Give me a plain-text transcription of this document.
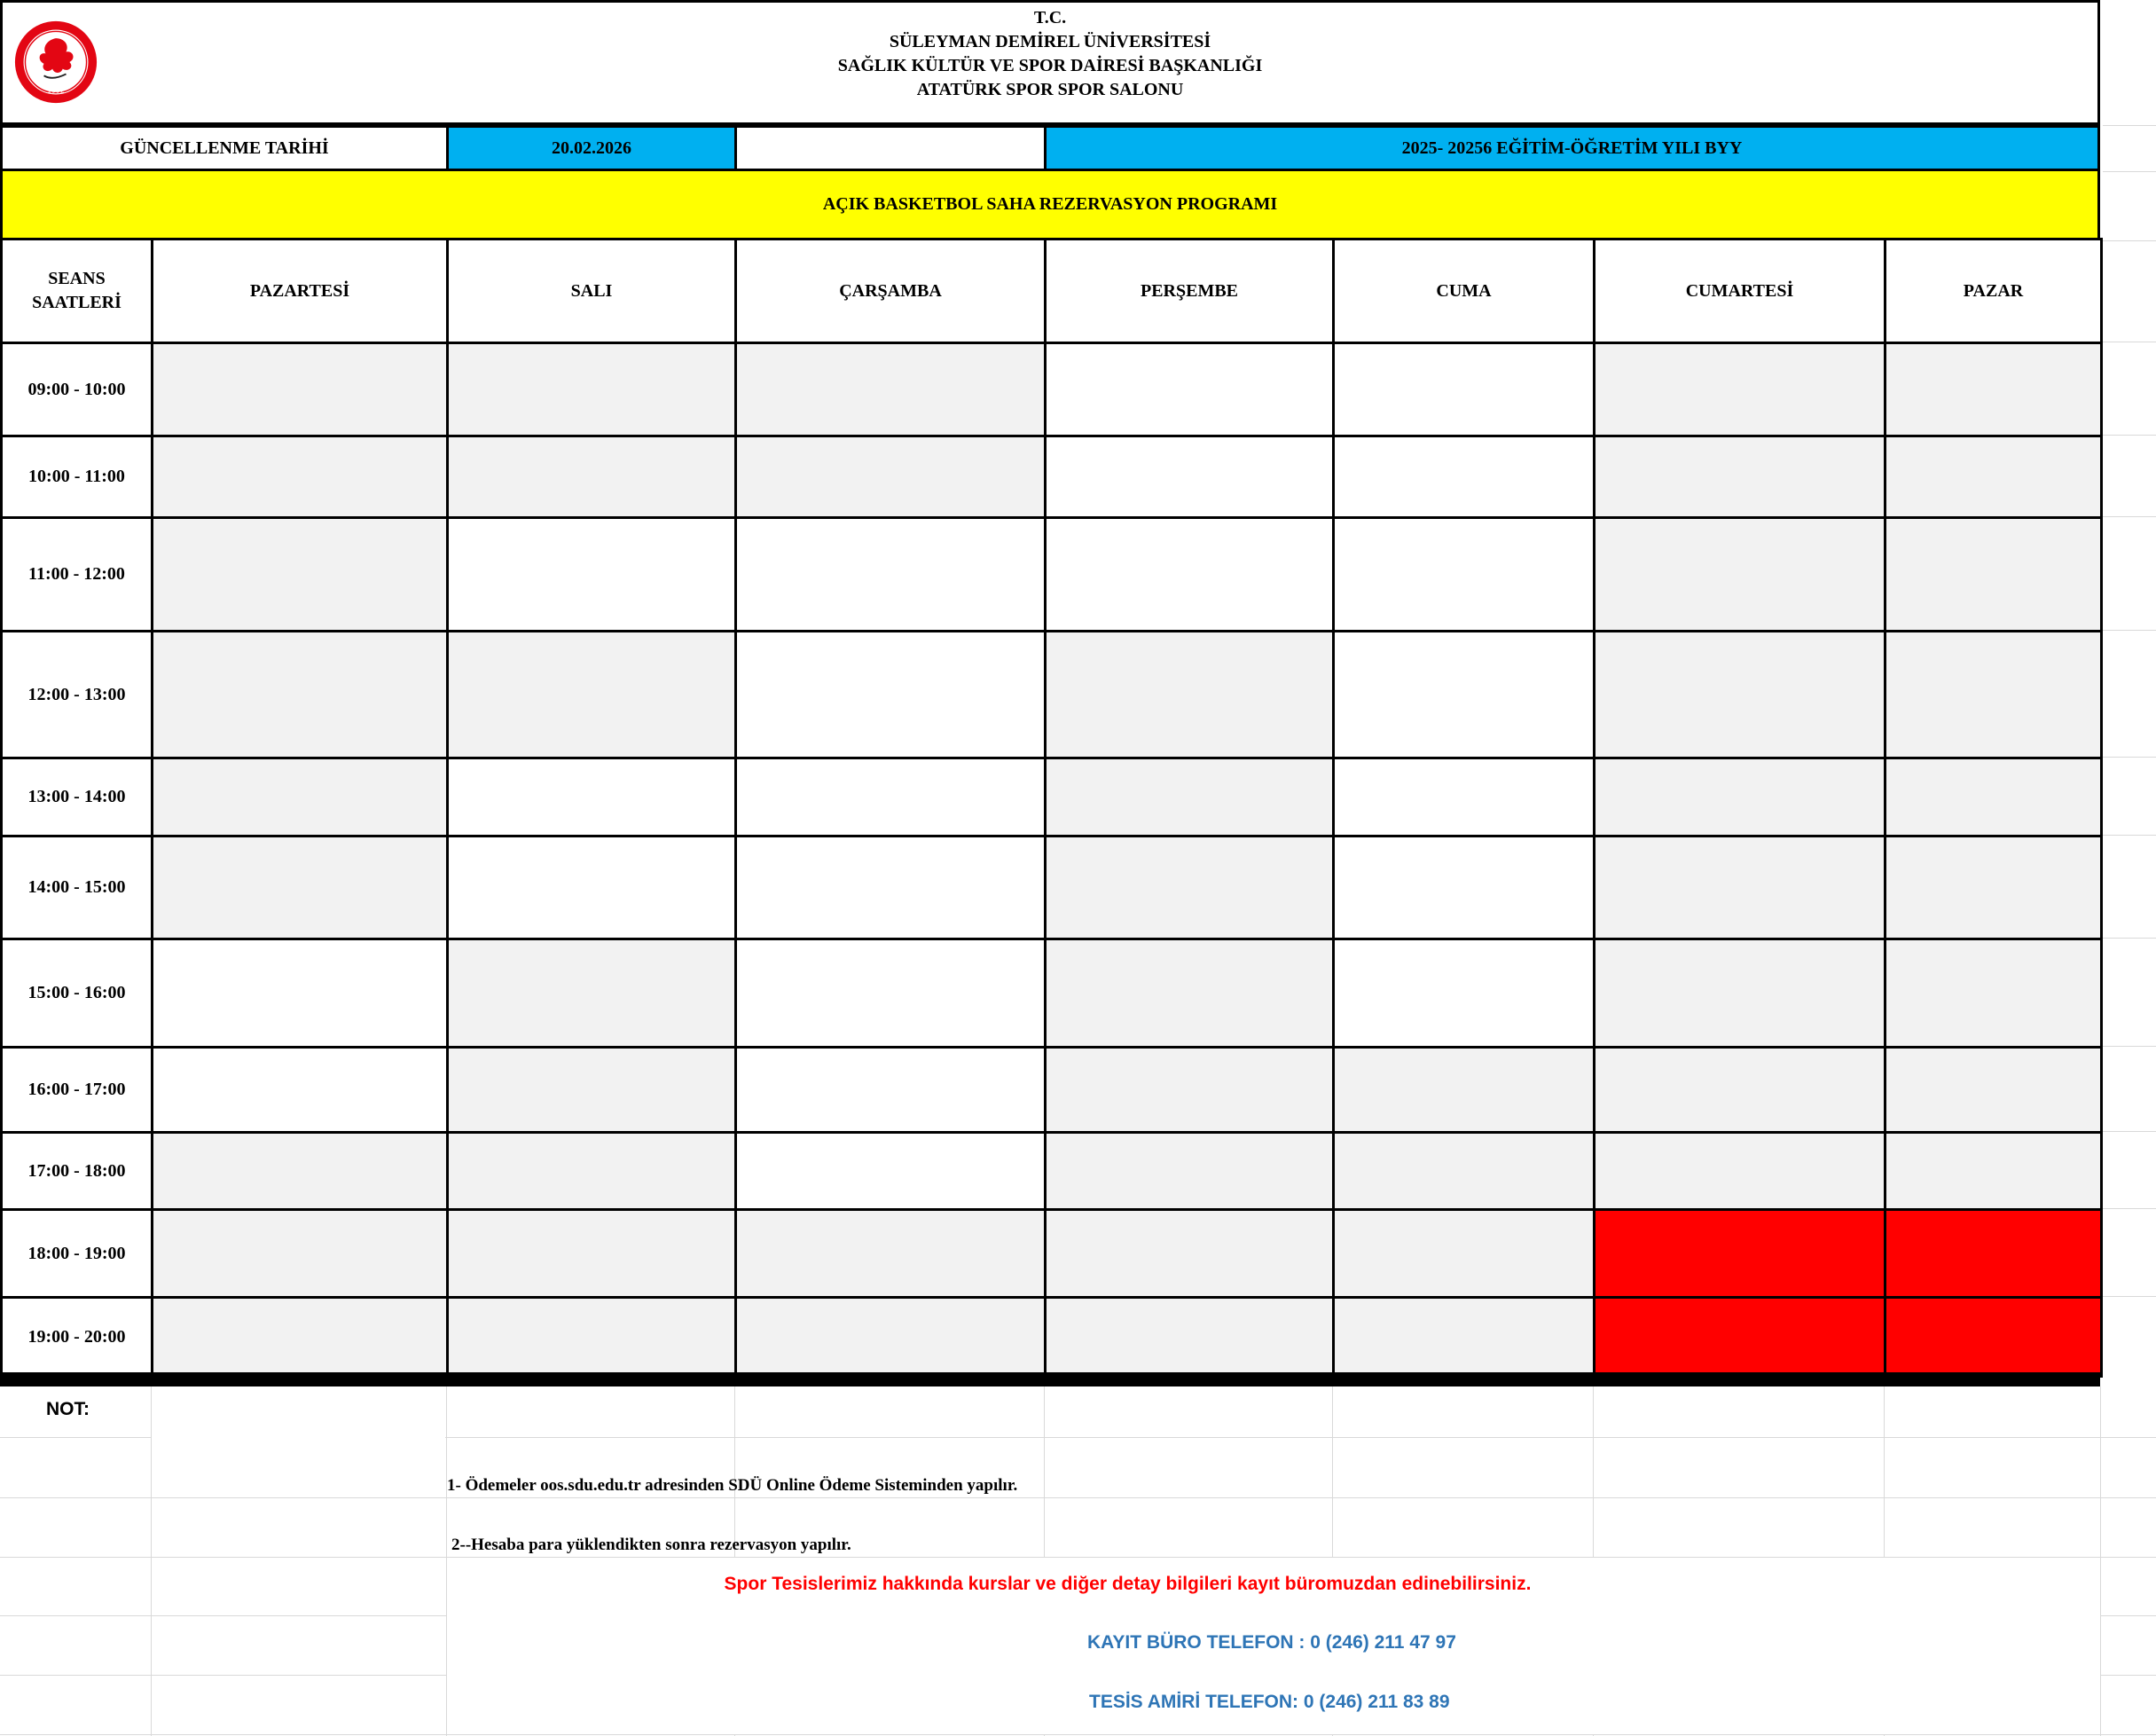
1992
T.C.
SÜLEYMAN DEMİREL ÜNİVERSİTESİ
SAĞLIK KÜLTÜR VE SPOR DAİRESİ BAŞKANLIĞI
ATATÜRK SPOR SPOR SALONU
GÜNCELLENME TARİHİ	20.02.2026	2025- 20256 EĞİTİM-ÖĞRETİM YILI BYY
AÇIK BASKETBOL SAHA REZERVASYON PROGRAMI
SEANS
SAATLERİ
PAZARTESİ	SALI	ÇARŞAMBA	PERŞEMBE	CUMA	CUMARTESİ	PAZAR
09:00 - 10:00
10:00 - 11:00
11:00 - 12:00
12:00 - 13:00
13:00 - 14:00
14:00 - 15:00
15:00 - 16:00
16:00 - 17:00
17:00 - 18:00
18:00 - 19:00
19:00 - 20:00
NOT:
1- Ödemeler oos.sdu.edu.tr adresinden SDÜ Online Ödeme Sisteminden yapılır.
2--Hesaba para yüklendikten sonra rezervasyon yapılır.
Spor Tesislerimiz hakkında kurslar ve diğer detay bilgileri kayıt büromuzdan edinebilirsiniz.
KAYIT BÜRO TELEFON : 0 (246) 211 47 97
TESİS AMİRİ TELEFON: 0 (246) 211 83 89
